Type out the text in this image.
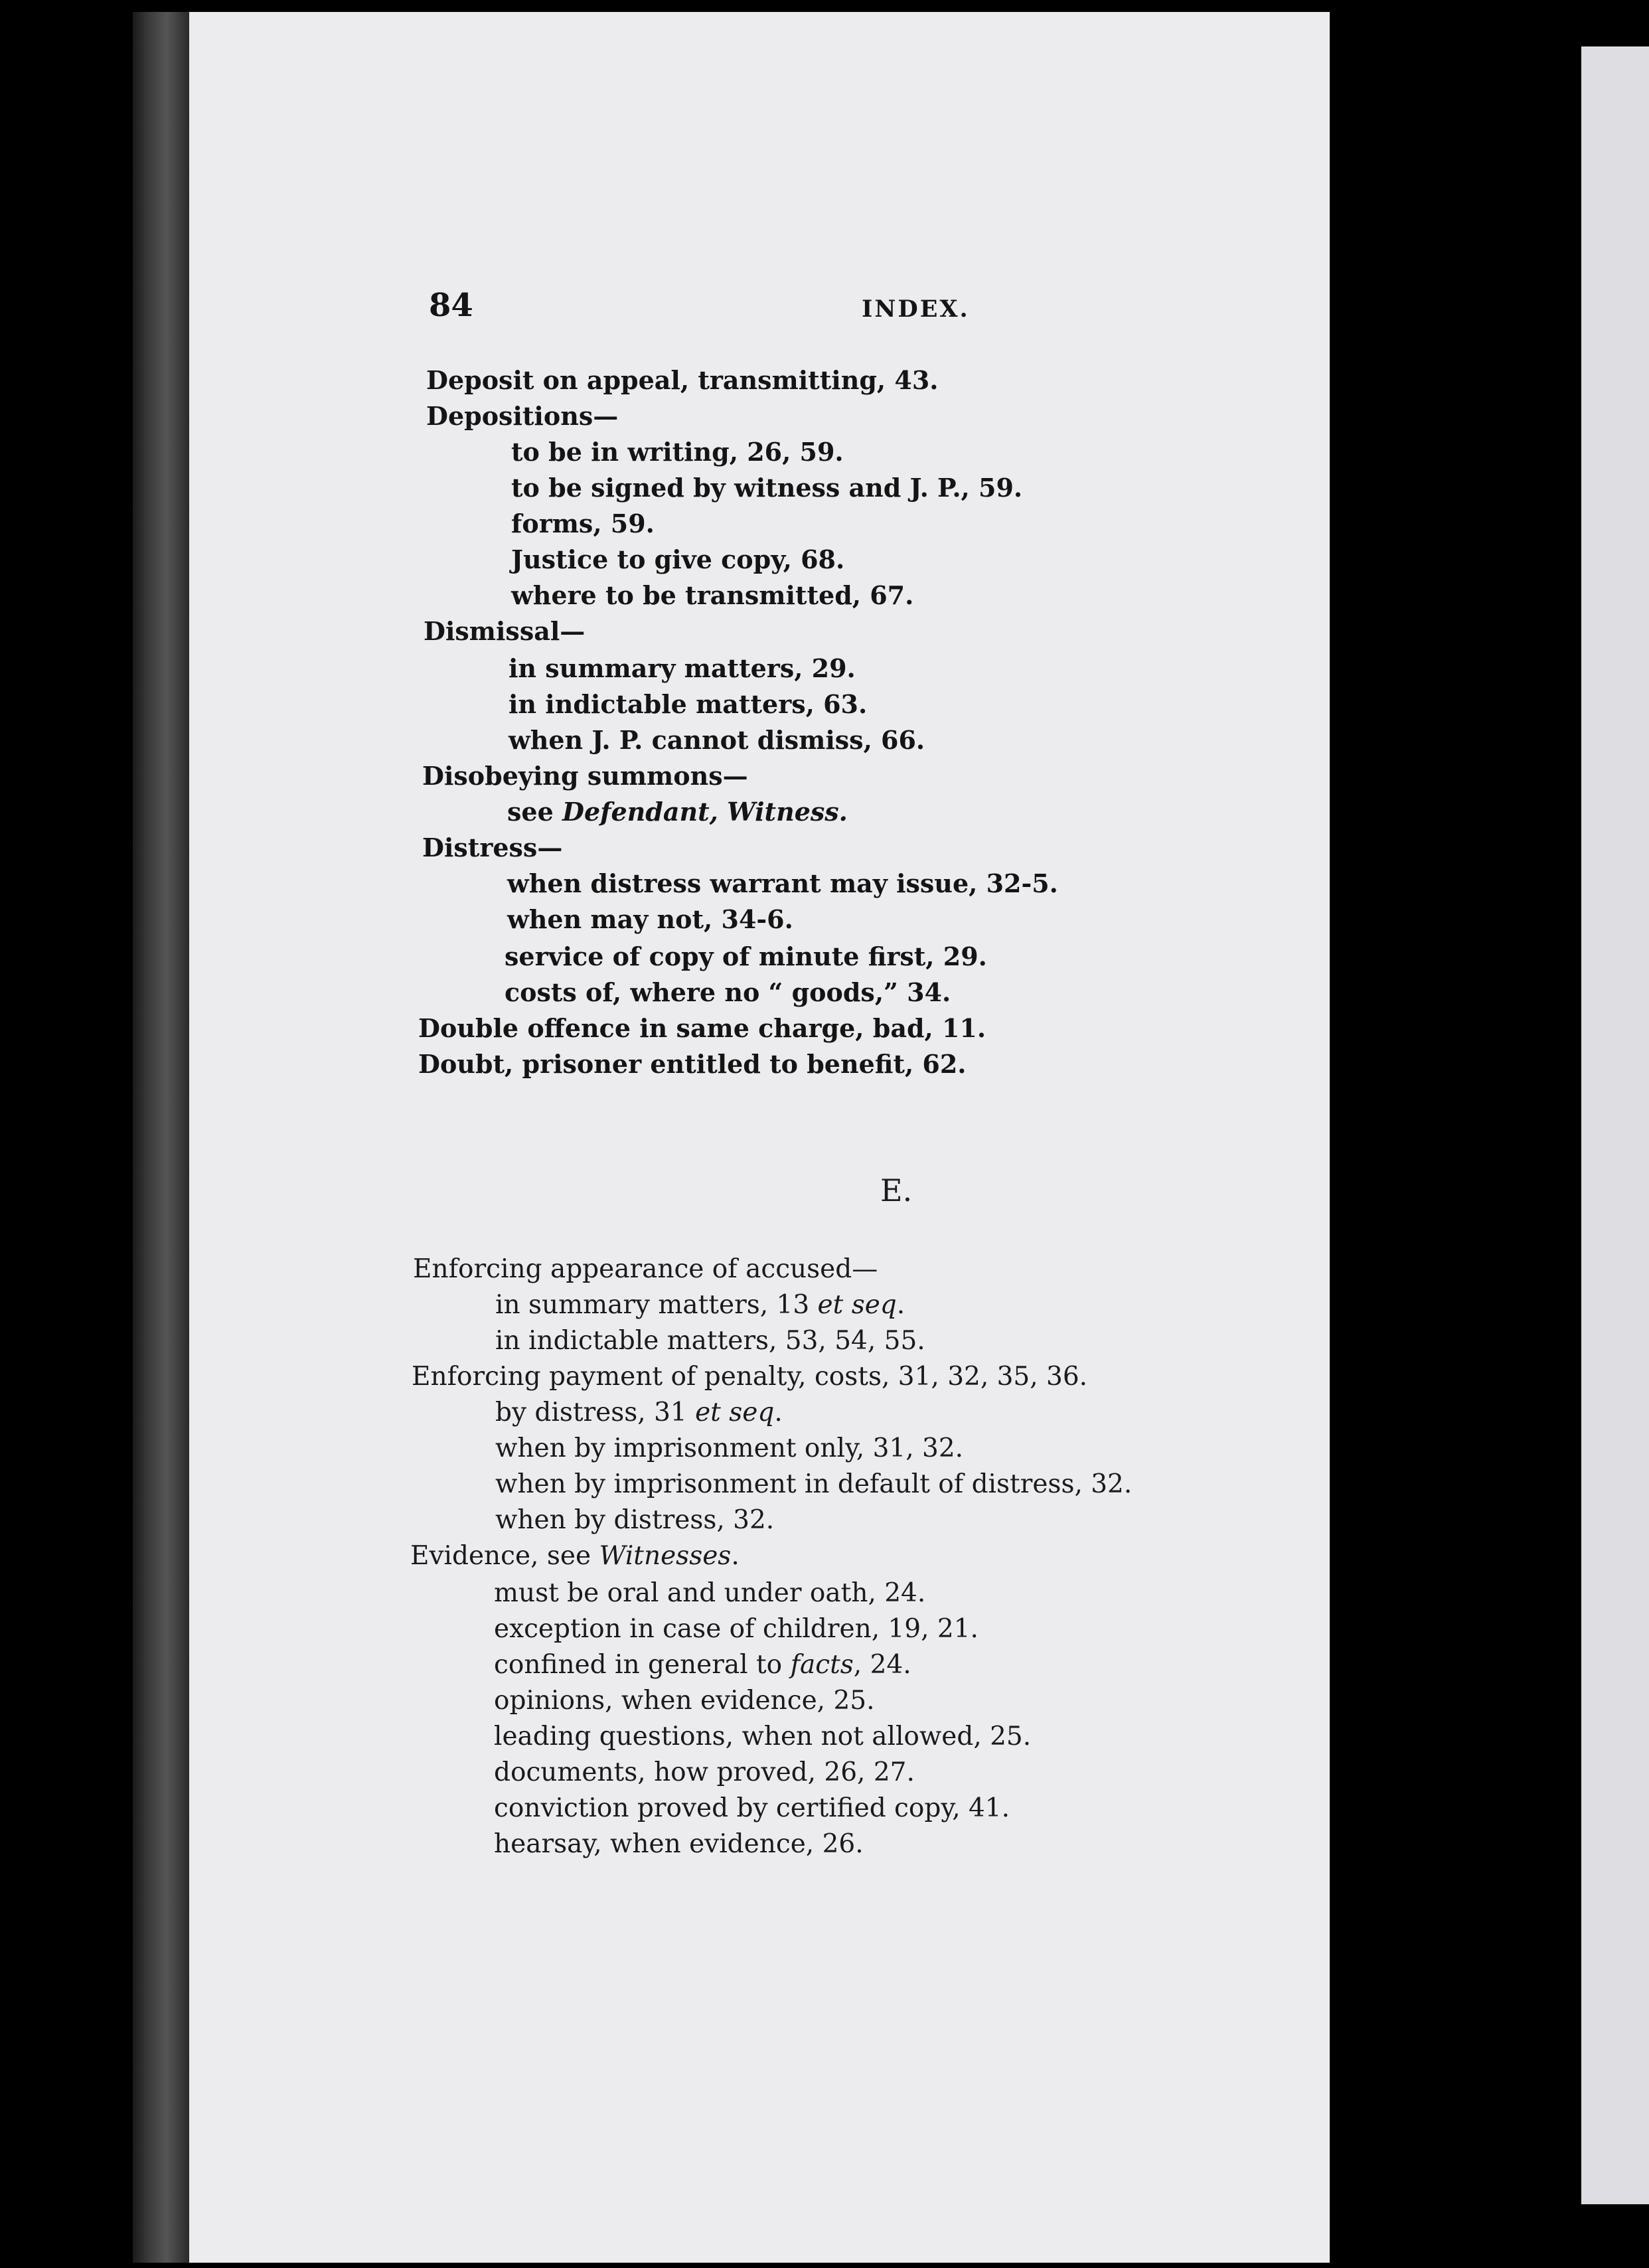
84	INDEX.
Deposit on appeal, transmitting, 43.
Depositions—
to be in writing, 26, 59.
to be signed by witness and J. P., 59.
forms, 59.
Justice to give copy, 68.
where to be transmitted, 67.
Dismissal—
in summary matters, 29.
in indictable matters, 63.
when J. P. cannot dismiss, 66.
Disobeying summons—
see Defendant, Witness.
Distress—
when distress warrant may issue, 32-5.
when may not, 34-6.
service of copy of minute first, 29.
costs of, where no “ goods,” 34.
Double offence in same charge, bad, 11.
Doubt, prisoner entitled to benefit, 62.
E.
Enforcing appearance of accused—
in summary matters, 13 et seq.
in indictable matters, 53, 54, 55.
Enforcing payment of penalty, costs, 31, 32, 35, 36.
by distress, 31 et seq.
when by imprisonment only, 31, 32.
when by imprisonment in default of distress, 32.
when by distress, 32.
Evidence, see Witnesses.
must be oral and under oath, 24.
exception in case of children, 19, 21.
confined in general to facts, 24.
opinions, when evidence, 25.
leading questions, when not allowed, 25.
documents, how proved, 26, 27.
conviction proved by certified copy, 41.
hearsay, when evidence, 26.
